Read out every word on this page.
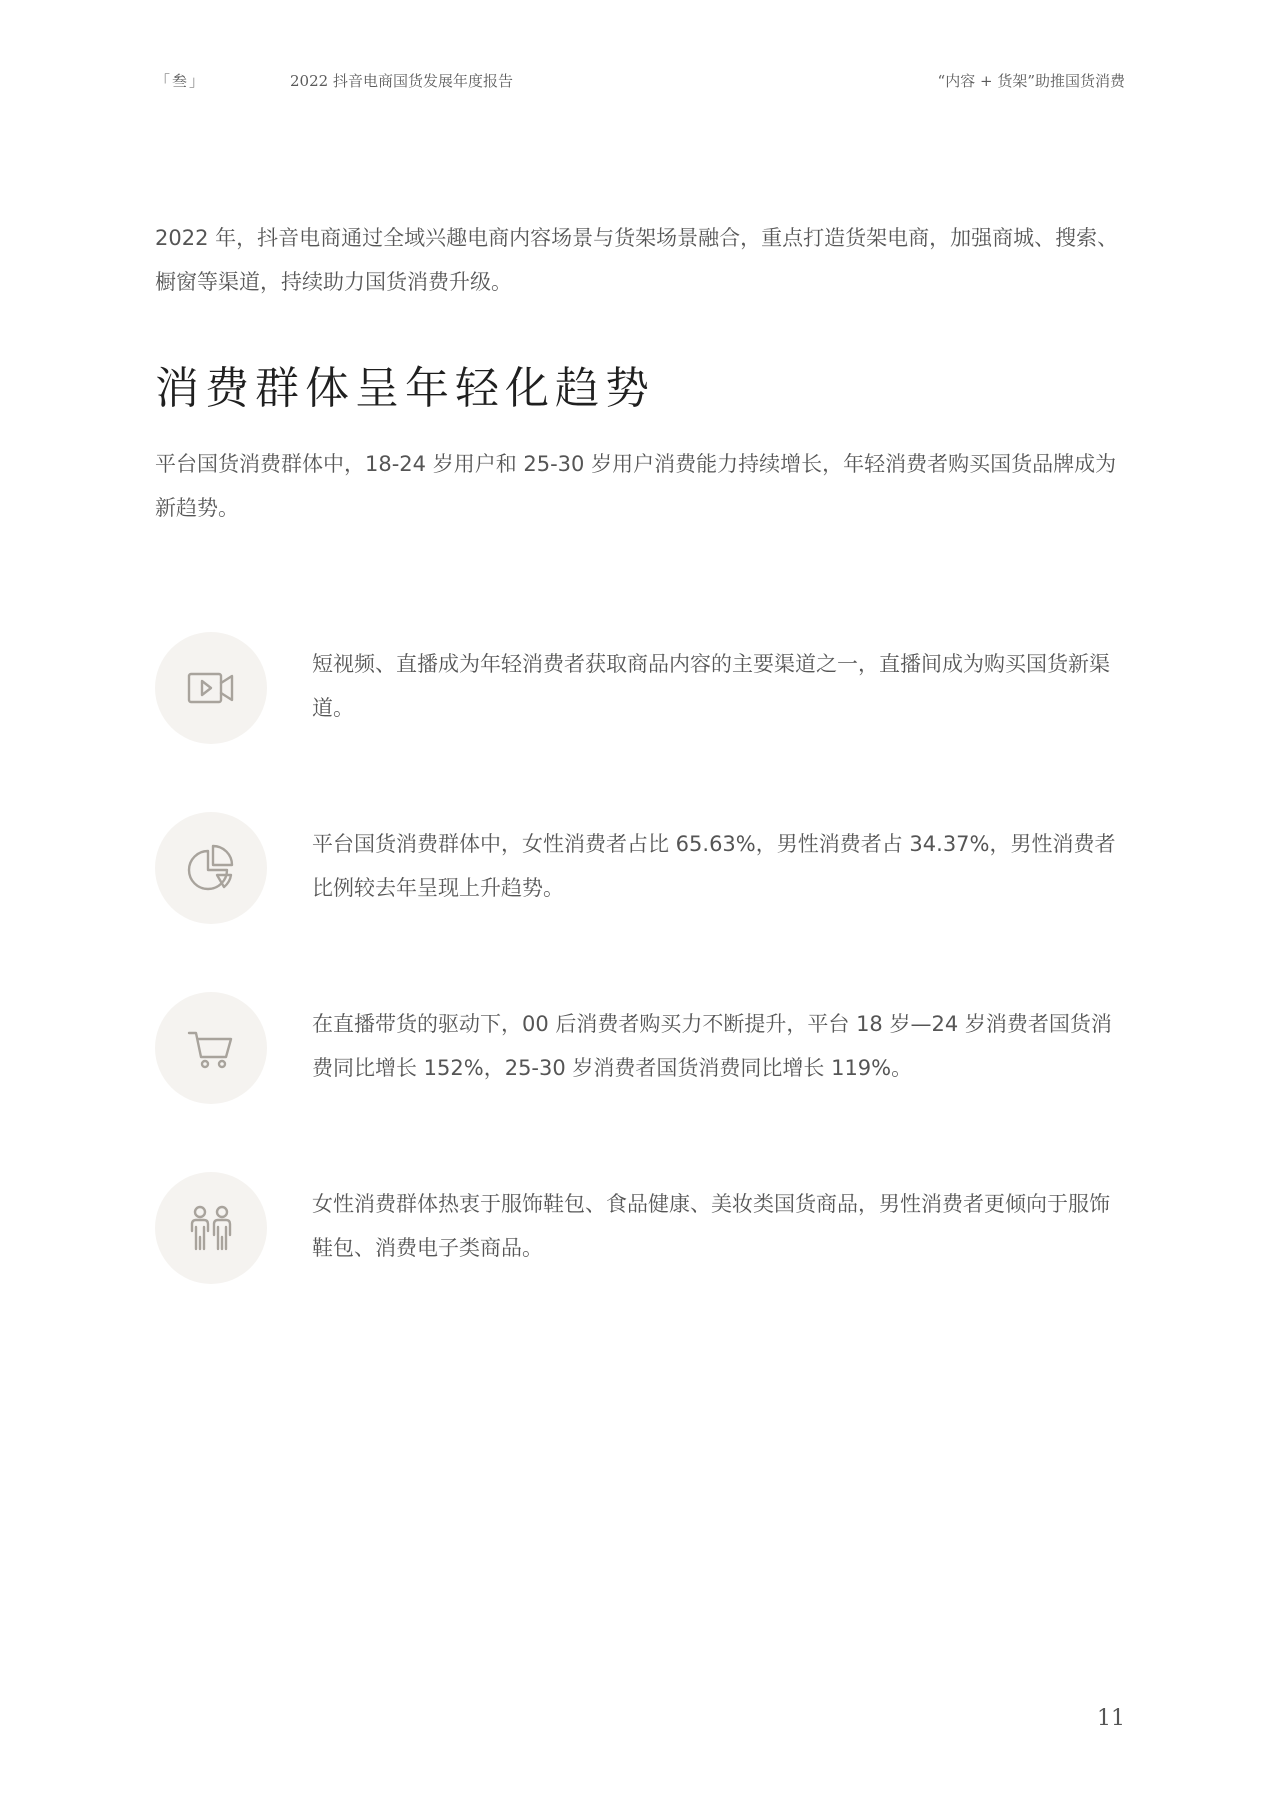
「叁」	2022 抖音电商国货发展年度报告	“内容 + 货架”助推国货消费

2022 年，抖音电商通过全域兴趣电商内容场景与货架场景融合，重点打造货架电商，加强商城、搜索、橱窗等渠道，持续助力国货消费升级。

消费群体呈年轻化趋势

平台国货消费群体中，18-24 岁用户和 25-30 岁用户消费能力持续增长，年轻消费者购买国货品牌成为新趋势。

短视频、直播成为年轻消费者获取商品内容的主要渠道之一，直播间成为购买国货新渠道。

平台国货消费群体中，女性消费者占比 65.63%，男性消费者占 34.37%，男性消费者比例较去年呈现上升趋势。

在直播带货的驱动下，00 后消费者购买力不断提升，平台 18 岁—24 岁消费者国货消费同比增长 152%，25-30 岁消费者国货消费同比增长 119%。

女性消费群体热衷于服饰鞋包、食品健康、美妆类国货商品，男性消费者更倾向于服饰鞋包、消费电子类商品。

11
